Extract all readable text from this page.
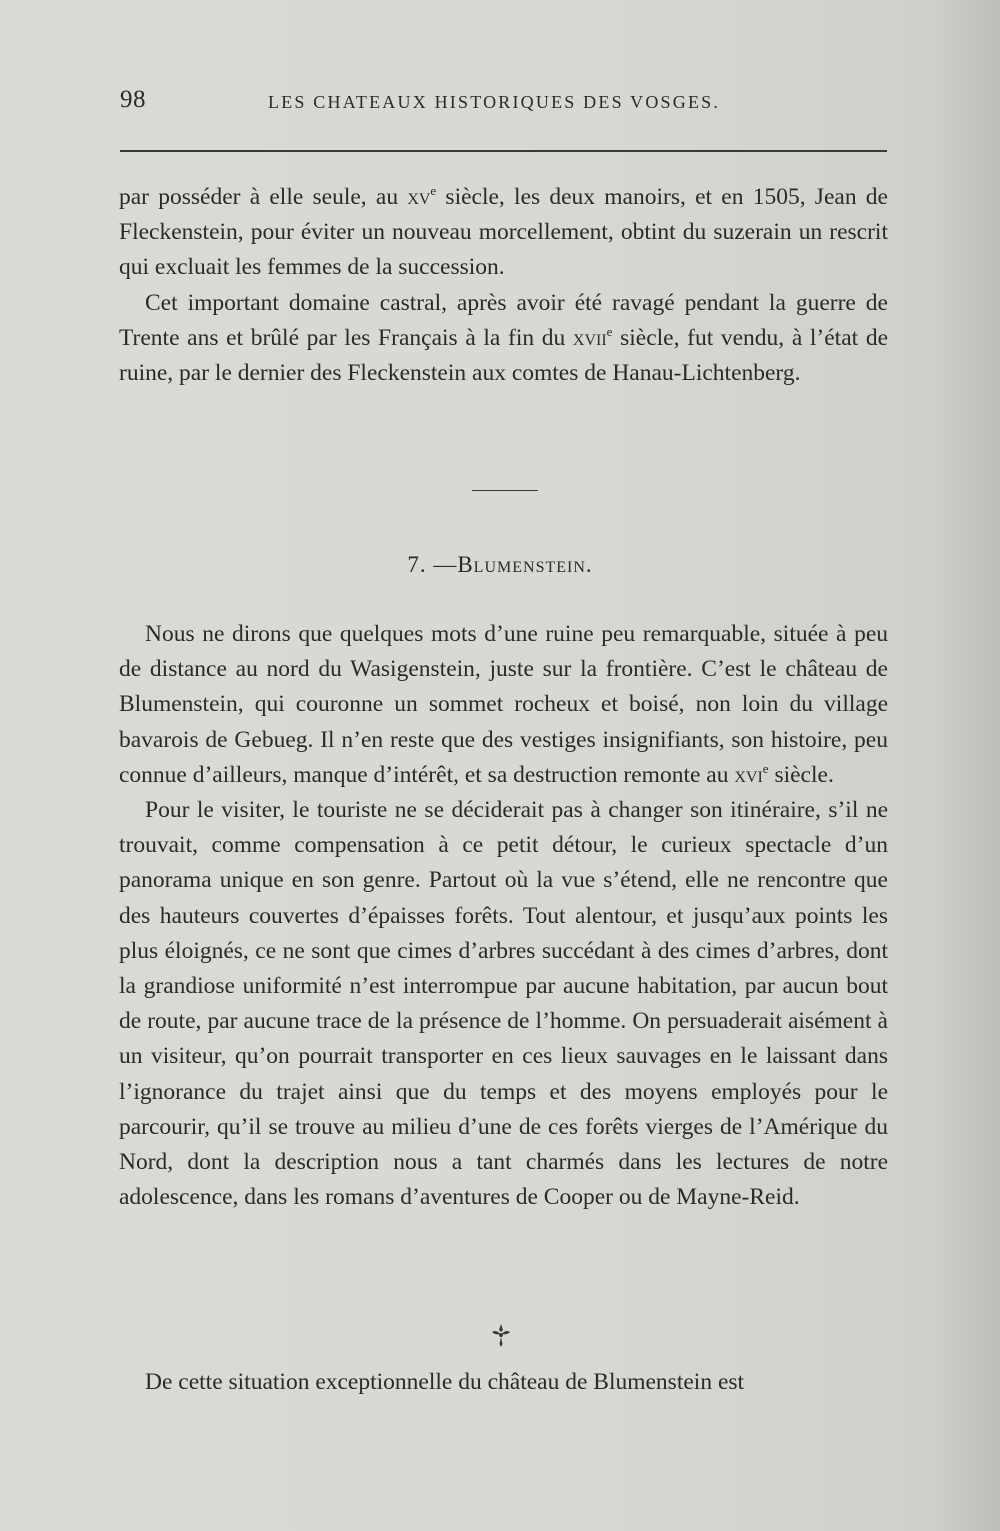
98	LES CHATEAUX HISTORIQUES DES VOSGES.

par posséder à elle seule, au $xv^e$ siècle, les deux manoirs, et en 1505, Jean de Fleckenstein, pour éviter un nouveau morcellement, obtint du suzerain un rescrit qui excluait les femmes de la succession.

Cet important domaine castral, après avoir été ravagé pendant la guerre de Trente ans et brûlé par les Français à la fin du xvii$^e$ siècle, fut vendu, à l’état de ruine, par le dernier des Fleckenstein aux comtes de Hanau-Lichtenberg.

7. —Blumenstein.

Nous ne dirons que quelques mots d’une ruine peu remarquable, située à peu de distance au nord du Wasigenstein, juste sur la frontière. C’est le château de Blumenstein, qui couronne un sommet rocheux et boisé, non loin du village bavarois de Gebueg. Il n’en reste que des vestiges insignifiants, son histoire, peu connue d’ailleurs, manque d’intérêt, et sa destruction remonte au xvi$^e$ siècle.

Pour le visiter, le touriste ne se déciderait pas à changer son itinéraire, s’il ne trouvait, comme compensation à ce petit détour, le curieux spectacle d’un panorama unique en son genre. Partout où la vue s’étend, elle ne rencontre que des hauteurs couvertes d’épaisses forêts. Tout alentour, et jusqu’aux points les plus éloignés, ce ne sont que cimes d’arbres succédant à des cimes d’arbres, dont la grandiose uniformité n’est interrompue par aucune habitation, par aucun bout de route, par aucune trace de la présence de l’homme. On persuaderait aisément à un visiteur, qu’on pourrait transporter en ces lieux sauvages en le laissant dans l’ignorance du trajet ainsi que du temps et des moyens employés pour le parcourir, qu’il se trouve au milieu d’une de ces forêts vierges de l’Amérique du Nord, dont la description nous a tant charmés dans les lectures de notre adolescence, dans les romans d’aventures de Cooper ou de Mayne-Reid.

De cette situation exceptionnelle du château de Blumenstein est
